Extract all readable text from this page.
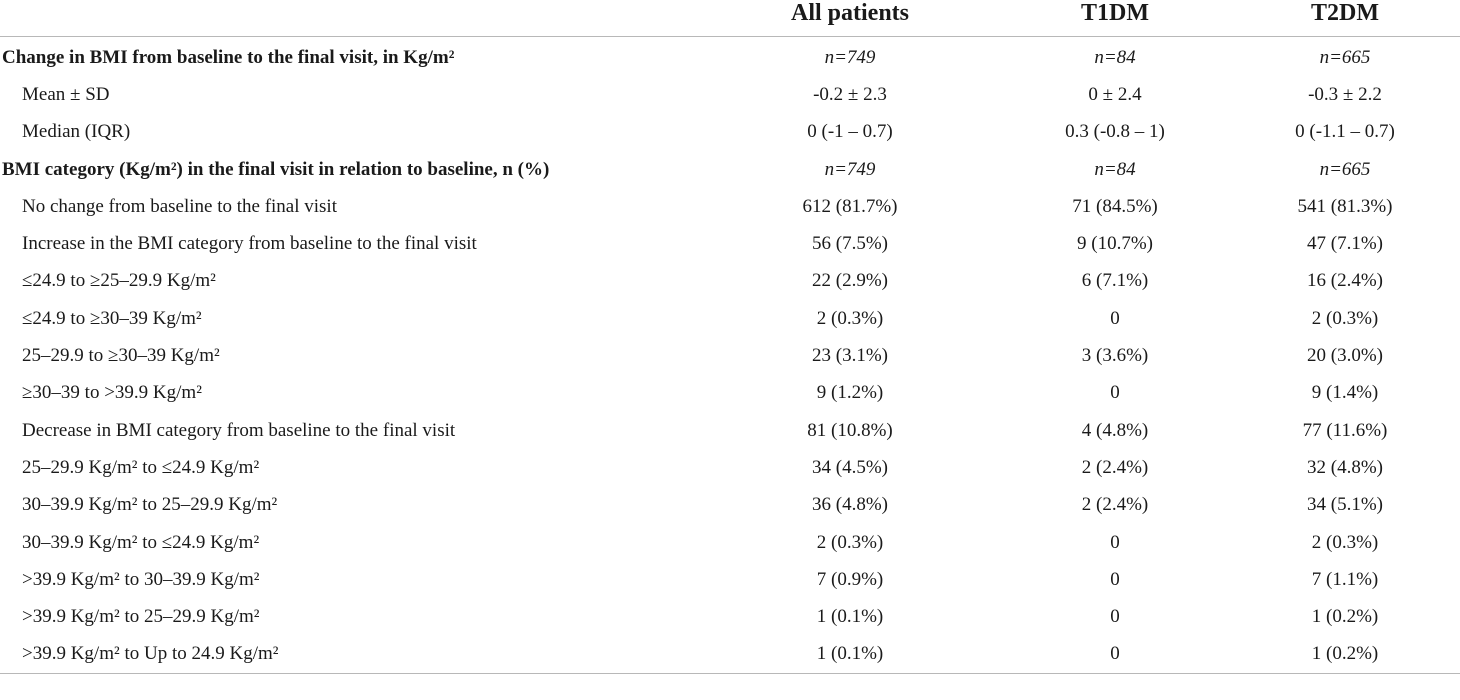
	All patients	T1DM	T2DM
Change in BMI from baseline to the final visit, in Kg/m²	n=749	n=84	n=665
Mean ± SD	-0.2 ± 2.3	0 ± 2.4	-0.3 ± 2.2
Median (IQR)	0 (-1 – 0.7)	0.3 (-0.8 – 1)	0 (-1.1 – 0.7)
BMI category (Kg/m²) in the final visit in relation to baseline, n (%)	n=749	n=84	n=665
No change from baseline to the final visit	612 (81.7%)	71 (84.5%)	541 (81.3%)
Increase in the BMI category from baseline to the final visit	56 (7.5%)	9 (10.7%)	47 (7.1%)
≤24.9 to ≥25–29.9 Kg/m²	22 (2.9%)	6 (7.1%)	16 (2.4%)
≤24.9 to ≥30–39 Kg/m²	2 (0.3%)	0	2 (0.3%)
25–29.9 to ≥30–39 Kg/m²	23 (3.1%)	3 (3.6%)	20 (3.0%)
≥30–39 to >39.9 Kg/m²	9 (1.2%)	0	9 (1.4%)
Decrease in BMI category from baseline to the final visit	81 (10.8%)	4 (4.8%)	77 (11.6%)
25–29.9 Kg/m² to ≤24.9 Kg/m²	34 (4.5%)	2 (2.4%)	32 (4.8%)
30–39.9 Kg/m² to 25–29.9 Kg/m²	36 (4.8%)	2 (2.4%)	34 (5.1%)
30–39.9 Kg/m² to ≤24.9 Kg/m²	2 (0.3%)	0	2 (0.3%)
>39.9 Kg/m² to 30–39.9 Kg/m²	7 (0.9%)	0	7 (1.1%)
>39.9 Kg/m² to 25–29.9 Kg/m²	1 (0.1%)	0	1 (0.2%)
>39.9 Kg/m² to Up to 24.9 Kg/m²	1 (0.1%)	0	1 (0.2%)
